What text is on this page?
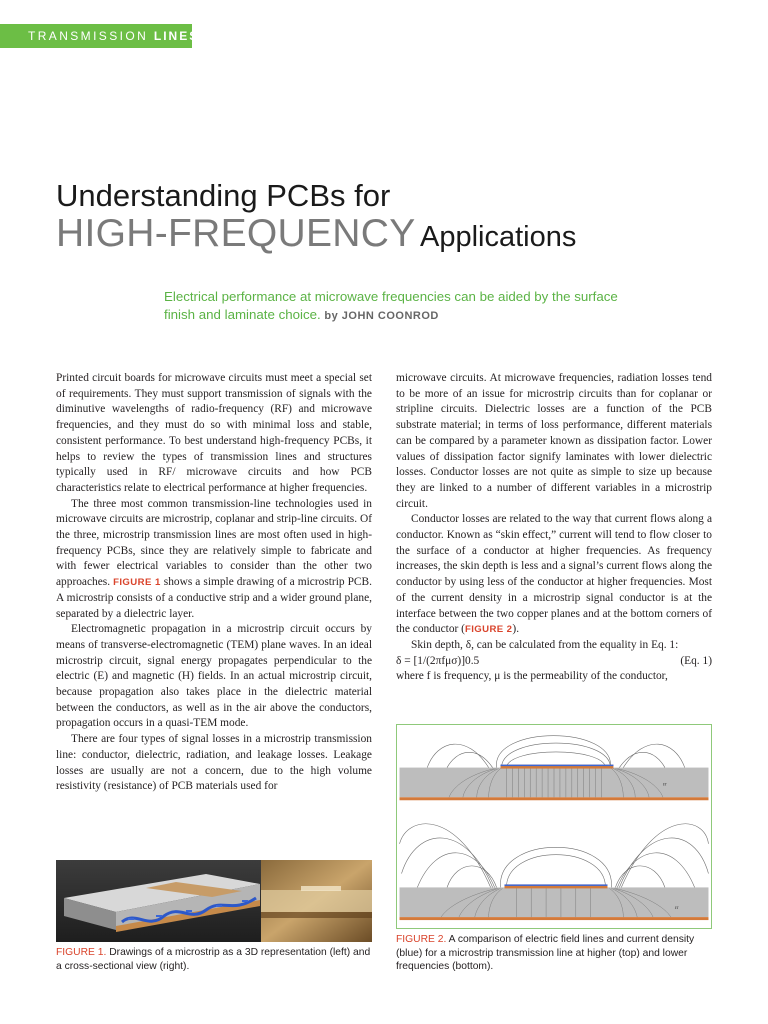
TRANSMISSION LINES
Understanding PCBs for
HIGH-FREQUENCY Applications
Electrical performance at microwave frequencies can be aided by the surface finish and laminate choice. by JOHN COONROD

Printed circuit boards for microwave circuits must meet a special set of requirements. They must support transmission of signals with the diminutive wavelengths of radio-frequency (RF) and microwave frequencies, and they must do so with minimal loss and stable, consistent performance. To best understand high-frequency PCBs, it helps to review the types of transmission lines and structures typically used in RF/ microwave circuits and how PCB characteristics relate to electrical performance at higher frequencies.

The three most common transmission-line technologies used in microwave circuits are microstrip, coplanar and strip-line circuits. Of the three, microstrip transmission lines are most often used in high-frequency PCBs, since they are relatively simple to fabricate and with fewer electrical variables to consider than the other two approaches. FIGURE 1 shows a simple drawing of a microstrip PCB. A microstrip consists of a conductive strip and a wider ground plane, separated by a dielectric layer.

Electromagnetic propagation in a microstrip circuit occurs by means of transverse-electromagnetic (TEM) plane waves. In an ideal microstrip circuit, signal energy propagates perpendicular to the electric (E) and magnetic (H) fields. In an actual microstrip circuit, because propagation also takes place in the dielectric material between the conductors, as well as in the air above the conductors, propagation occurs in a quasi-TEM mode.

There are four types of signal losses in a microstrip transmission line: conductor, dielectric, radiation, and leakage losses. Leakage losses are usually are not a concern, due to the high volume resistivity (resistance) of PCB materials used for

microwave circuits. At microwave frequencies, radiation losses tend to be more of an issue for microstrip circuits than for coplanar or stripline circuits. Dielectric losses are a function of the PCB substrate material; in terms of loss performance, different materials can be compared by a parameter known as dissipation factor. Lower values of dissipation factor signify laminates with lower dielectric losses. Conductor losses are not quite as simple to size up because they are linked to a number of different variables in a microstrip circuit.

Conductor losses are related to the way that current flows along a conductor. Known as “skin effect,” current will tend to flow closer to the surface of a conductor at higher frequencies. As frequency increases, the skin depth is less and a signal’s current flows along the conductor by using less of the conductor at higher frequencies. Most of the current density in a microstrip signal conductor is at the interface between the two copper planes and at the bottom corners of the conductor (FIGURE 2).

Skin depth, δ, can be calculated from the equality in Eq. 1:

δ = [1/(2πfμσ)]0.5	(Eq. 1)

where f is frequency, μ is the permeability of the conductor,

εr
εr
FIGURE 1. Drawings of a microstrip as a 3D representation (left) and a cross-sectional view (right).
FIGURE 2. A comparison of electric field lines and current density (blue) for a microstrip transmission line at higher (top) and lower frequencies (bottom).
